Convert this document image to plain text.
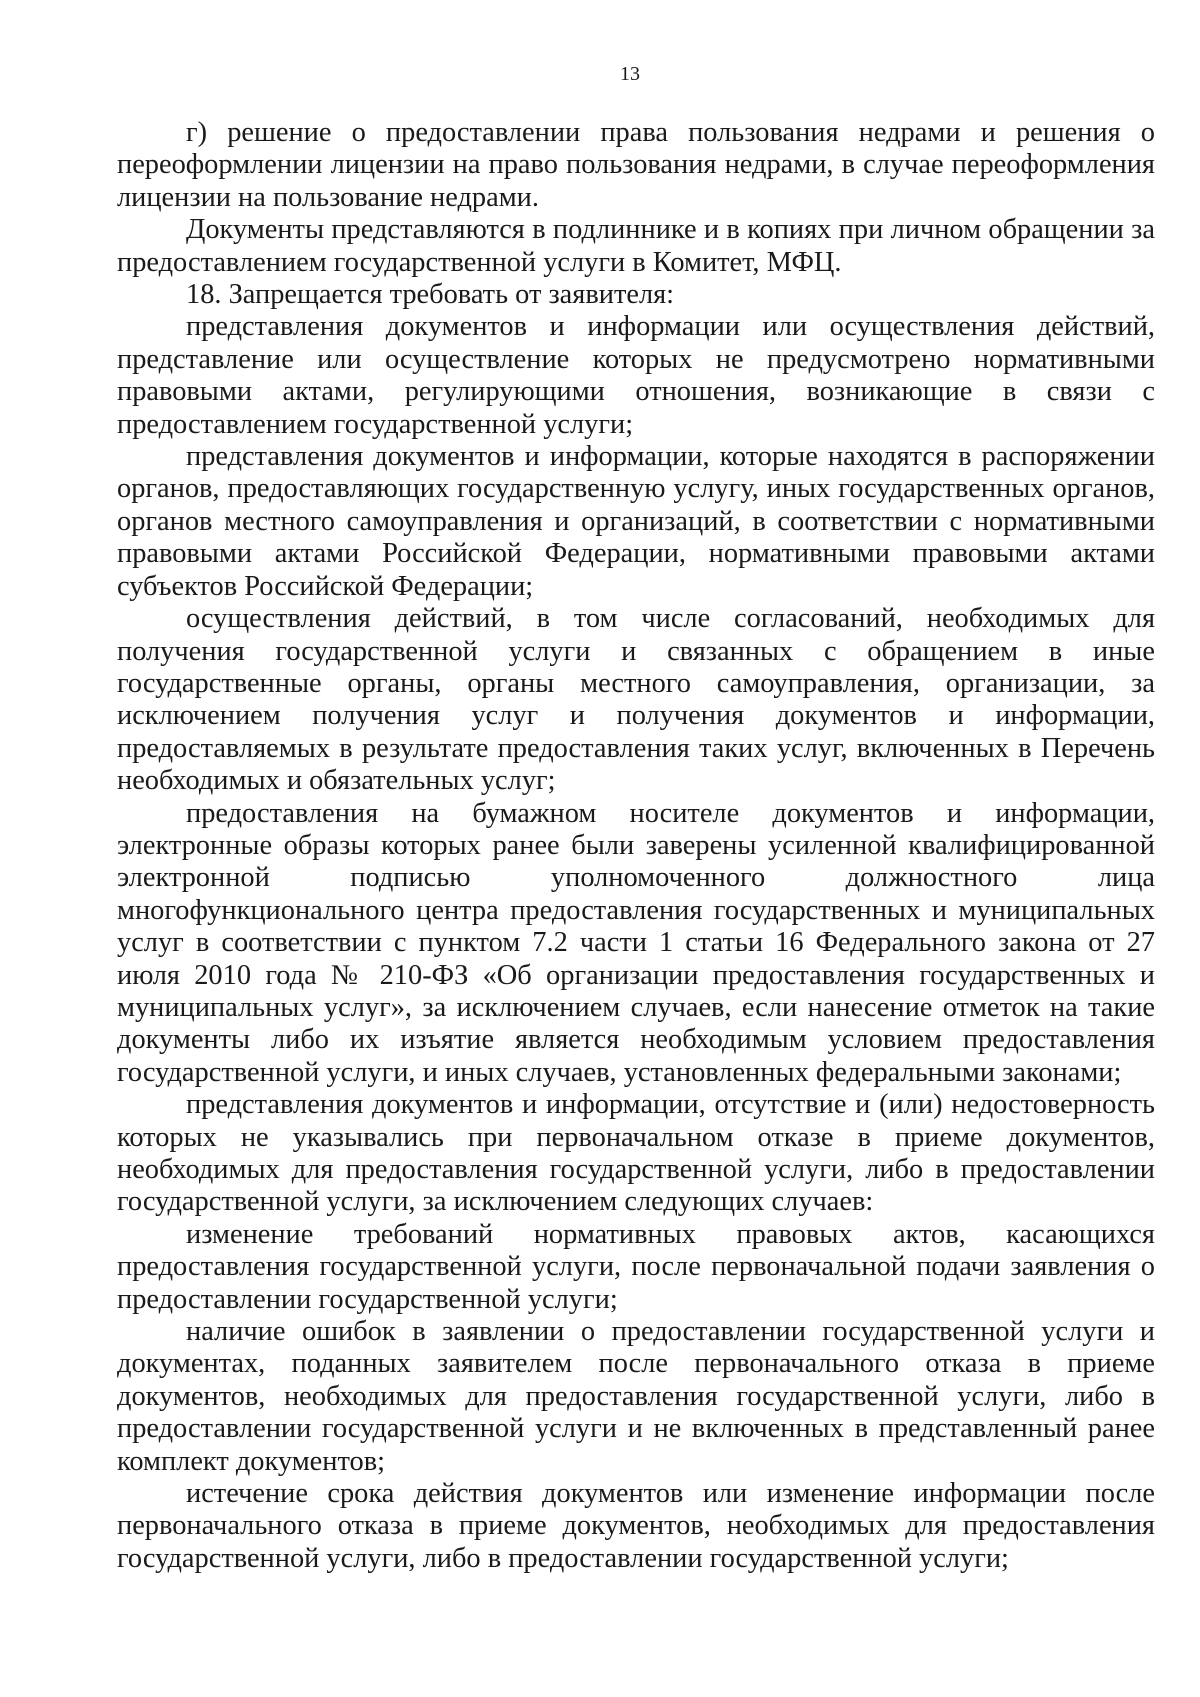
13

г) решение о предоставлении права пользования недрами и решения о переоформлении лицензии на право пользования недрами, в случае переоформления лицензии на пользование недрами.

Документы представляются в подлиннике и в копиях при личном обращении за предоставлением государственной услуги в Комитет, МФЦ.

18. Запрещается требовать от заявителя:

представления документов и информации или осуществления действий, представление или осуществление которых не предусмотрено нормативными правовыми актами, регулирующими отношения, возникающие в связи с предоставлением государственной услуги;

представления документов и информации, которые находятся в распоряжении органов, предоставляющих государственную услугу, иных государственных органов, органов местного самоуправления и организаций, в соответствии с нормативными правовыми актами Российской Федерации, нормативными правовыми актами субъектов Российской Федерации;

осуществления действий, в том числе согласований, необходимых для получения государственной услуги и связанных с обращением в иные государственные органы, органы местного самоуправления, организации, за исключением получения услуг и получения документов и информации, предоставляемых в результате предоставления таких услуг, включенных в Перечень необходимых и обязательных услуг;

предоставления на бумажном носителе документов и информации, электронные образы которых ранее были заверены усиленной квалифицированной электронной подписью уполномоченного должностного лица многофункционального центра предоставления государственных и муниципальных услуг в соответствии с пунктом 7.2 части 1 статьи 16 Федерального закона от 27 июля 2010 года № 210-ФЗ «Об организации предоставления государственных и муниципальных услуг», за исключением случаев, если нанесение отметок на такие документы либо их изъятие является необходимым условием предоставления государственной услуги, и иных случаев, установленных федеральными законами;

представления документов и информации, отсутствие и (или) недостоверность которых не указывались при первоначальном отказе в приеме документов, необходимых для предоставления государственной услуги, либо в предоставлении государственной услуги, за исключением следующих случаев:

изменение требований нормативных правовых актов, касающихся предоставления государственной услуги, после первоначальной подачи заявления о предоставлении государственной услуги;

наличие ошибок в заявлении о предоставлении государственной услуги и документах, поданных заявителем после первоначального отказа в приеме документов, необходимых для предоставления государственной услуги, либо в предоставлении государственной услуги и не включенных в представленный ранее комплект документов;

истечение срока действия документов или изменение информации после первоначального отказа в приеме документов, необходимых для предоставления государственной услуги, либо в предоставлении государственной услуги;
